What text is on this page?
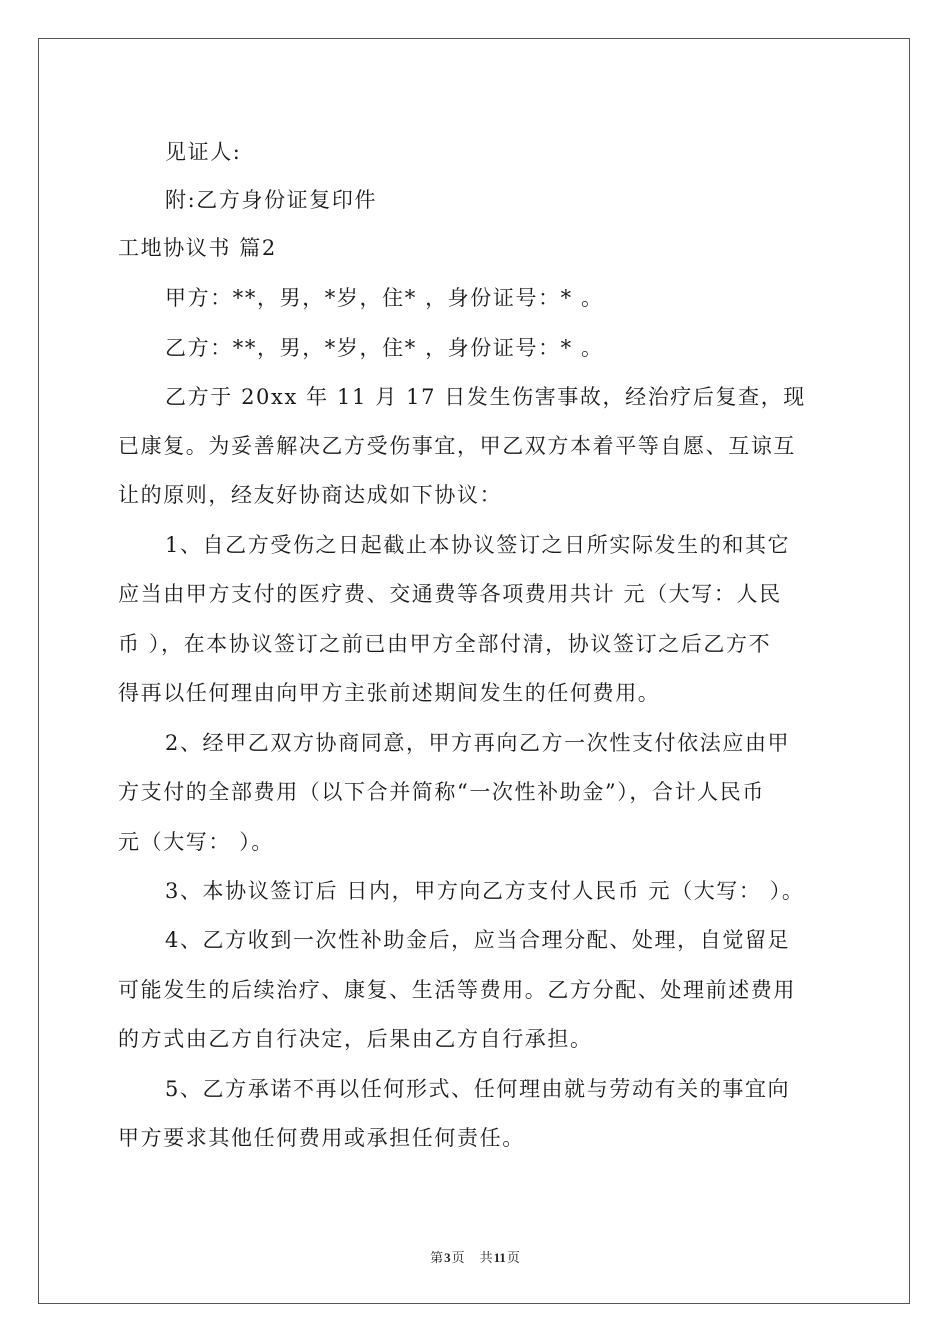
见证人:
附:乙方身份证复印件
工地协议书 篇2
甲方：**，男，*岁，住* ，身份证号：* 。
乙方：**，男，*岁，住* ，身份证号：* 。
乙方于 20xx 年 11 月 17 日发生伤害事故，经治疗后复查，现
已康复。为妥善解决乙方受伤事宜，甲乙双方本着平等自愿、互谅互
让的原则，经友好协商达成如下协议：
1、自乙方受伤之日起截止本协议签订之日所实际发生的和其它
应当由甲方支付的医疗费、交通费等各项费用共计 元（大写：人民
币 ），在本协议签订之前已由甲方全部付清，协议签订之后乙方不
得再以任何理由向甲方主张前述期间发生的任何费用。
2、经甲乙双方协商同意，甲方再向乙方一次性支付依法应由甲
方支付的全部费用（以下合并简称“一次性补助金”），合计人民币
元（大写： ）。
3、本协议签订后 日内，甲方向乙方支付人民币 元（大写： ）。
4、乙方收到一次性补助金后，应当合理分配、处理，自觉留足
可能发生的后续治疗、康复、生活等费用。乙方分配、处理前述费用
的方式由乙方自行决定，后果由乙方自行承担。
5、乙方承诺不再以任何形式、任何理由就与劳动有关的事宜向
甲方要求其他任何费用或承担任何责任。
第3页 共11页
